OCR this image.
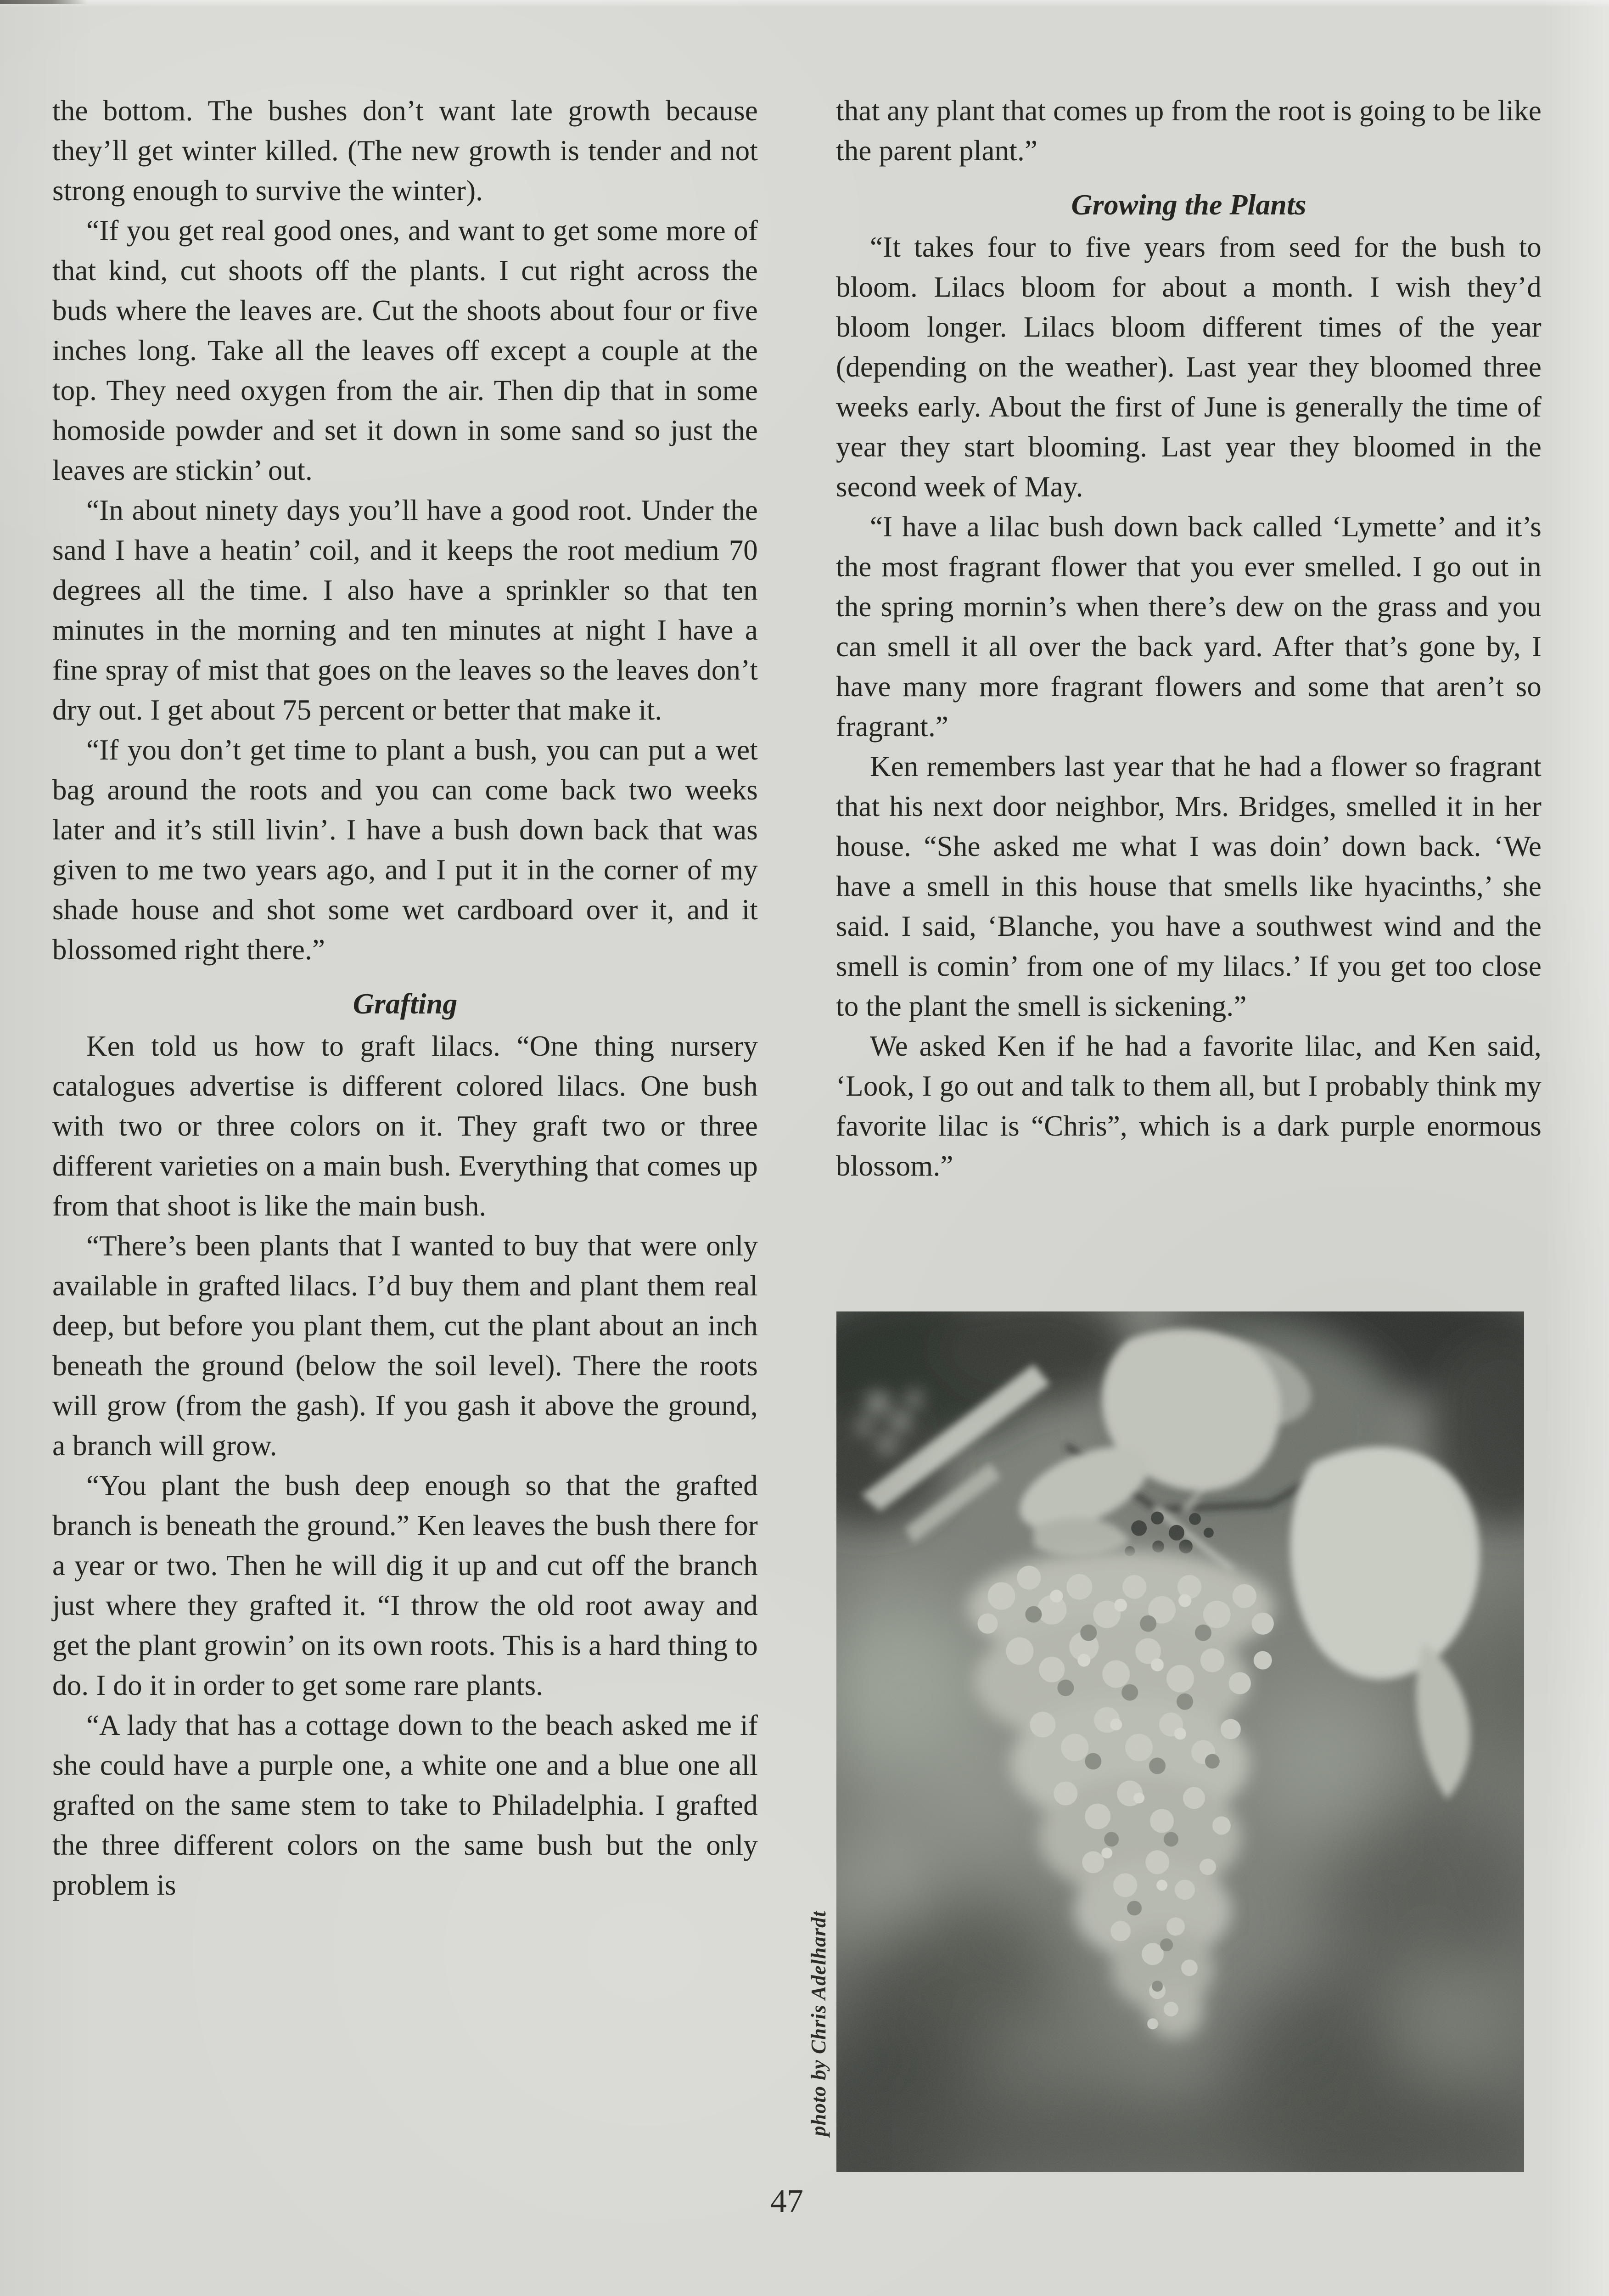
the bottom. The bushes don’t want late growth because they’ll get winter killed. (The new growth is tender and not strong enough to survive the winter).

“If you get real good ones, and want to get some more of that kind, cut shoots off the plants. I cut right across the buds where the leaves are. Cut the shoots about four or five inches long. Take all the leaves off except a couple at the top. They need oxygen from the air. Then dip that in some homoside powder and set it down in some sand so just the leaves are stickin’ out.

“In about ninety days you’ll have a good root. Under the sand I have a heatin’ coil, and it keeps the root medium 70 degrees all the time. I also have a sprinkler so that ten minutes in the morning and ten minutes at night I have a fine spray of mist that goes on the leaves so the leaves don’t dry out. I get about 75 percent or better that make it.

“If you don’t get time to plant a bush, you can put a wet bag around the roots and you can come back two weeks later and it’s still livin’. I have a bush down back that was given to me two years ago, and I put it in the corner of my shade house and shot some wet cardboard over it, and it blossomed right there.”

Grafting

Ken told us how to graft lilacs. “One thing nursery catalogues advertise is different colored lilacs. One bush with two or three colors on it. They graft two or three different varieties on a main bush. Everything that comes up from that shoot is like the main bush.

“There’s been plants that I wanted to buy that were only available in grafted lilacs. I’d buy them and plant them real deep, but before you plant them, cut the plant about an inch beneath the ground (below the soil level). There the roots will grow (from the gash). If you gash it above the ground, a branch will grow.

“You plant the bush deep enough so that the grafted branch is beneath the ground.” Ken leaves the bush there for a year or two. Then he will dig it up and cut off the branch just where they grafted it. “I throw the old root away and get the plant growin’ on its own roots. This is a hard thing to do. I do it in order to get some rare plants.

“A lady that has a cottage down to the beach asked me if she could have a purple one, a white one and a blue one all grafted on the same stem to take to Philadelphia. I grafted the three different colors on the same bush but the only problem is

that any plant that comes up from the root is going to be like the parent plant.”

Growing the Plants

“It takes four to five years from seed for the bush to bloom. Lilacs bloom for about a month. I wish they’d bloom longer. Lilacs bloom different times of the year (depending on the weather). Last year they bloomed three weeks early. About the first of June is generally the time of year they start blooming. Last year they bloomed in the second week of May.

“I have a lilac bush down back called ‘Lymette’ and it’s the most fragrant flower that you ever smelled. I go out in the spring mornin’s when there’s dew on the grass and you can smell it all over the back yard. After that’s gone by, I have many more fragrant flowers and some that aren’t so fragrant.”

Ken remembers last year that he had a flower so fragrant that his next door neighbor, Mrs. Bridges, smelled it in her house. “She asked me what I was doin’ down back. ‘We have a smell in this house that smells like hyacinths,’ she said. I said, ‘Blanche, you have a southwest wind and the smell is comin’ from one of my lilacs.’ If you get too close to the plant the smell is sickening.”

We asked Ken if he had a favorite lilac, and Ken said, ‘Look, I go out and talk to them all, but I probably think my favorite lilac is “Chris”, which is a dark purple enormous blossom.”

photo by Chris Adelhardt
47
